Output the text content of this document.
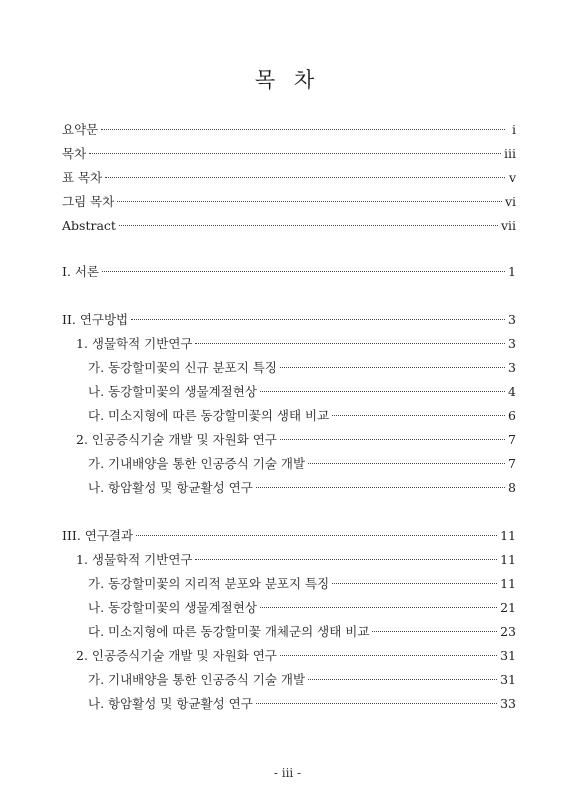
목 차
요약문	i
목차	iii
표 목차	v
그림 목차	vi
Abstract	vii
I. 서론	1
II. 연구방법	3
1. 생물학적 기반연구	3
가. 동강할미꽃의 신규 분포지 특징	3
나. 동강할미꽃의 생물계절현상	4
다. 미소지형에 따른 동강할미꽃의 생태 비교	6
2. 인공증식기술 개발 및 자원화 연구	7
가. 기내배양을 통한 인공증식 기술 개발	7
나. 항암활성 및 항균활성 연구	8
III. 연구결과	11
1. 생물학적 기반연구	11
가. 동강할미꽃의 지리적 분포와 분포지 특징	11
나. 동강할미꽃의 생물계절현상	21
다. 미소지형에 따른 동강할미꽃 개체군의 생태 비교	23
2. 인공증식기술 개발 및 자원화 연구	31
가. 기내배양을 통한 인공증식 기술 개발	31
나. 항암활성 및 항균활성 연구	33
- iii -
